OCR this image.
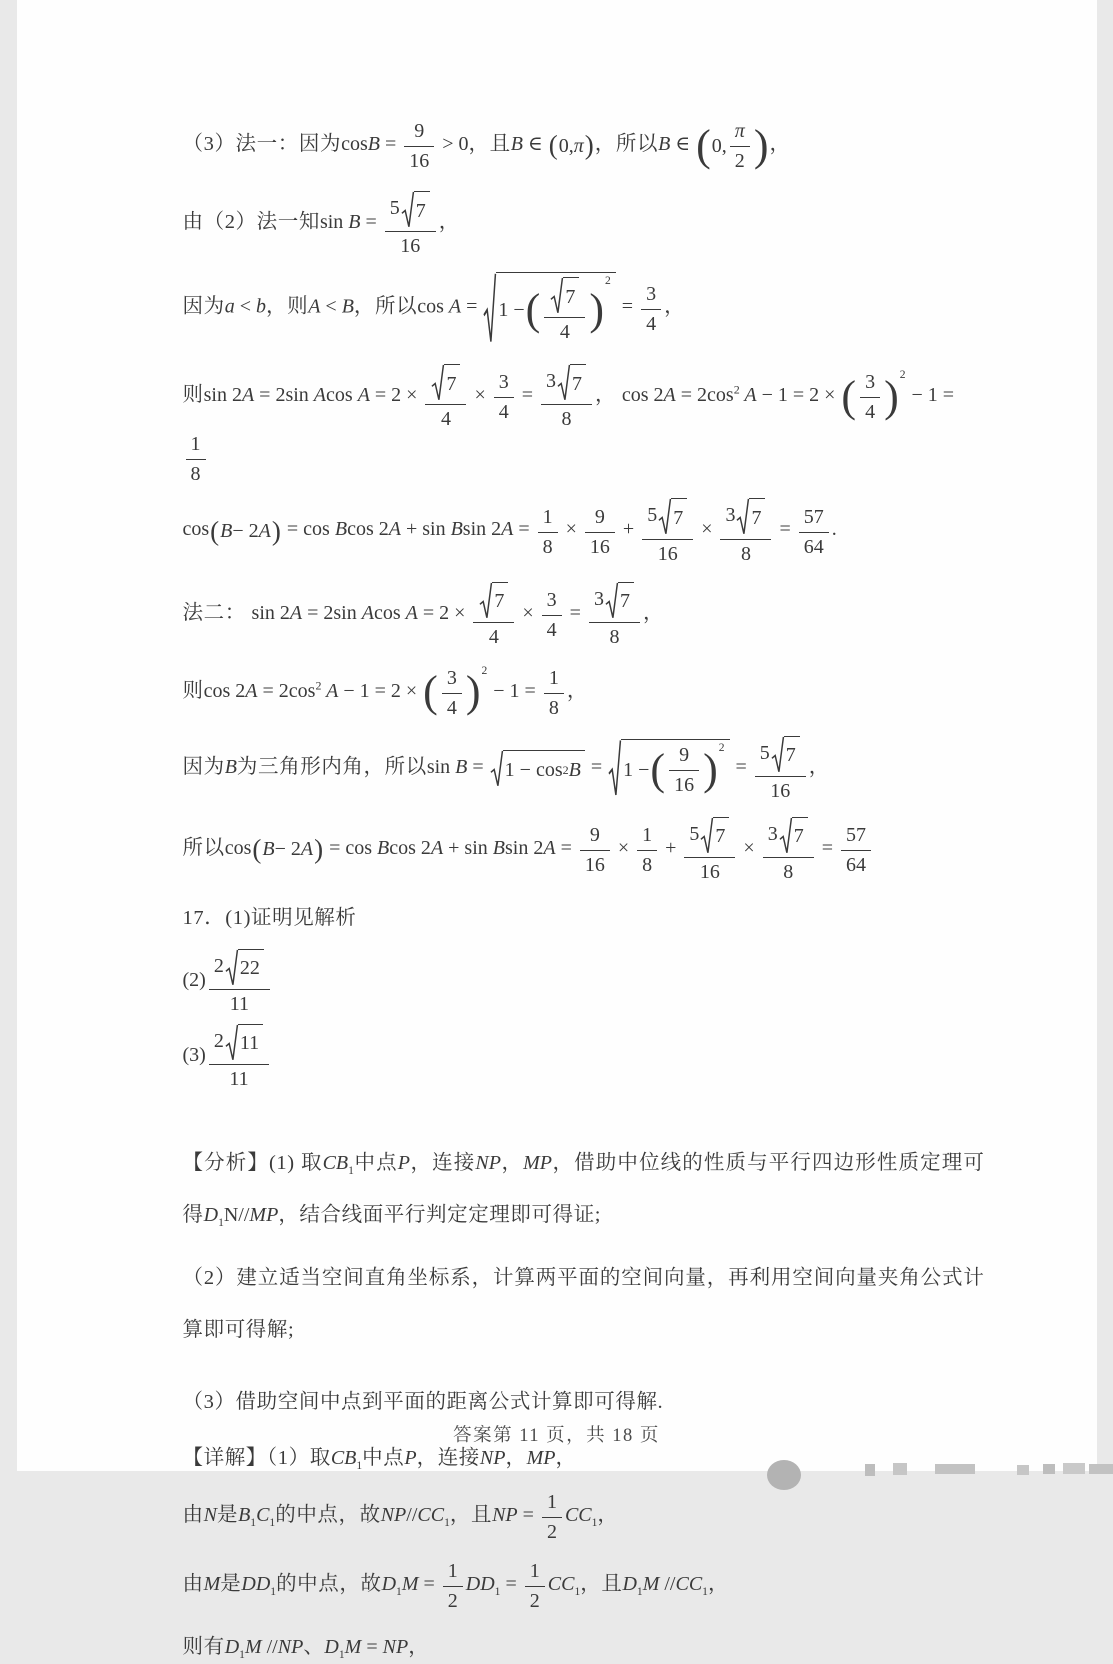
（3）法一：因为$\cos B = \frac{9}{16} > 0$，且B ∈ ( 0, π ) ，所以B ∈ ( 0, $\frac{\pi}{2}$ ) ，
由（2）法一知$\sin B = \frac{5 7}{16}$ ，
因为a < b，则A < B，所以cos A = 1 − ( $\frac{7}{4}$ )
2
= $\frac{3}{4}$ ，
则sin 2A = 2sin Acos $A = 2 \times \frac{7}{4} \times \frac{3}{4} = \frac{3 7}{8}$ ， $\cos 2A = 2\cos^2$ A − 1 = 2 × ( $\frac{3}{4}$ ) 2
− 1 =
$\frac{1}{8}$
cos ( B − 2 A ) = cos Bcos 2A + sin Bsin $2A = \frac{1}{8} \times \frac{9}{16} + \frac{5 7}{16} \times \frac{3 7}{8} = \frac{57}{64}$ .
法二： sin 2A = 2sin Acos $A = 2 \times \frac{7}{4} \times \frac{3}{4} = \frac{3 7}{8}$ ，
则$\cos 2A = 2\cos^2$ A − 1 = 2 × ( $\frac{3}{4}$ ) 2
− $1 = \frac{1}{8}$ ，
因为B为三角形内角，所以sin B = 1 − cos 2 B = 1 − ( $\frac{9}{16}$ ) 2
= $\frac{5 7}{16}$ ，
所以cos ( B − 2 A ) = cos Bcos 2A + sin Bsin $2A = \frac{9}{16} \times \frac{1}{8} + \frac{5 7}{16} \times \frac{3 7}{8} = \frac{57}{64}$
17．(1)证明见解析
$(2) \frac{2 22}{11}$
$(3) \frac{2 11}{11}$
【分析】(1) 取$CB_1$中点P，连接NP，MP，借助中位线的性质与平行四边形性质定理可得$D_1N//MP$，结合线面平行判定定理即可得证;
（2）建立适当空间直角坐标系，计算两平面的空间向量，再利用空间向量夹角公式计算即可得解;
（3）借助空间中点到平面的距离公式计算即可得解.
【详解】（1）取$CB_1$中点P，连接NP，MP，
由N是$B_1C_1$的中点，故$NP//CC_1$，且NP = $\frac{1}{2} CC_1$，
由M是$DD_1$的中点，故$D_1M = \frac{1}{2} DD_1 = \frac{1}{2} CC_1$，且$D_1M$ $//CC_1$，
则有$D_1M$ //NP、$D_1M$ = NP，
答案第 11 页，共 18 页
